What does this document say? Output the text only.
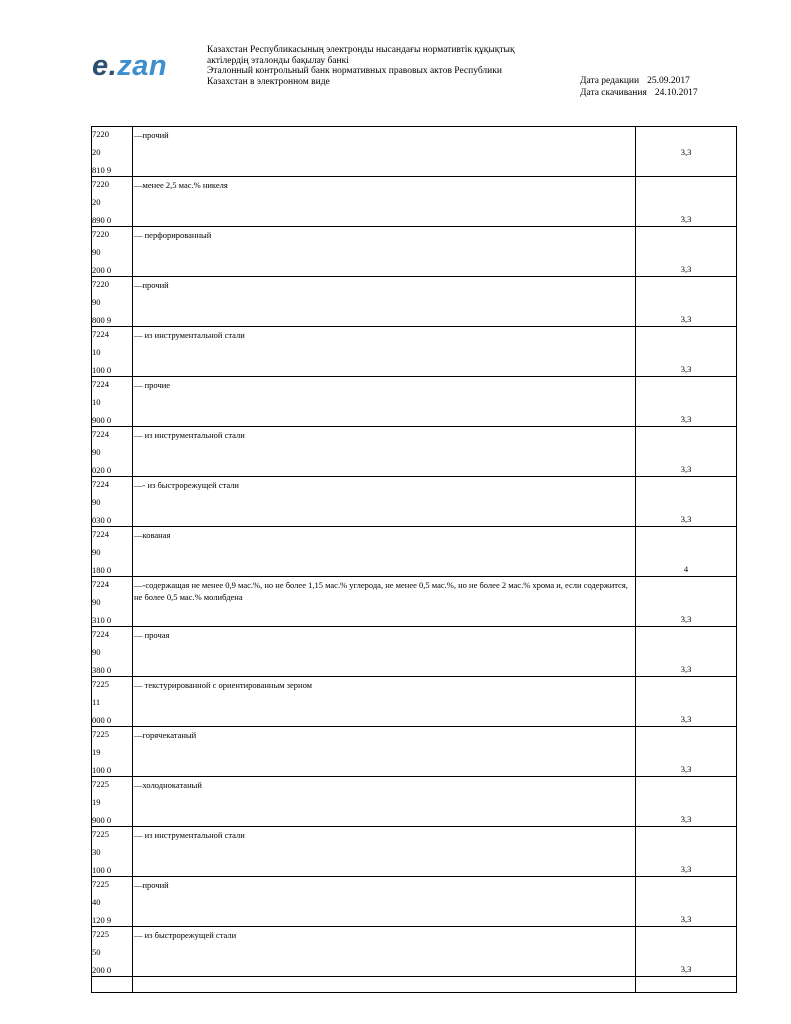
e.zan	Казахстан Республикасының электронды нысандағы нормативтік құқықтық
актілердің эталонды бақылау банкі
Эталонный контрольный банк нормативных правовых актов Республики
Казахстан в электронном виде	Дата редакции 25.09.2017
Дата скачивания 24.10.2017
7220
20
810 9	—прочий	3,3

7220
20
890 0	—менее 2,5 мас.% никеля	3,3

7220
90
200 0	— перфорированный	3,3

7220
90
800 9	—прочий	3,3

7224
10
100 0	— из инструментальной стали	3,3

7224
10
900 0	— прочие	3,3

7224
90
020 0	— из инструментальной стали	3,3

7224
90
030 0	—- из быстрорежущей стали	3,3

7224
90
180 0	—кованая	4

7224
90
310 0	—-содержащая не менее 0,9 мас.%, но не более 1,15 мас.% углерода, не менее 0,5 мас.%, но не более 2 мас.% хрома и, если содержится, не более 0,5 мас.% молибдена	3,3

7224
90
380 0	— прочая	3,3

7225
11
000 0	— текстурированной с ориентированным зерном	3,3

7225
19
100 0	—горячекатаный	3,3

7225
19
900 0	—холоднокатаный	3,3

7225
30
100 0	— из инструментальной стали	3,3

7225
40
120 9	—прочий	3,3

7225
50
200 0	— из быстрорежущей стали	3,3
